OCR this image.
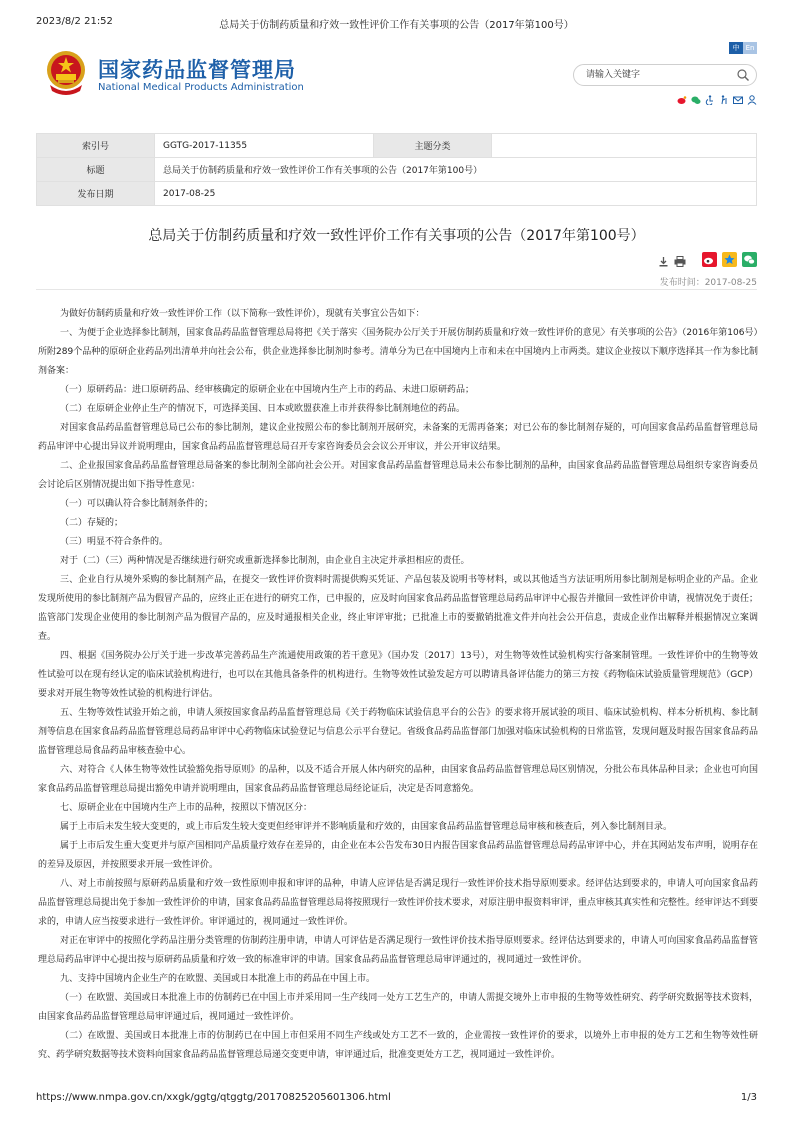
2023/8/2 21:52	总局关于仿制药质量和疗效一致性评价工作有关事项的公告（2017年第100号）
国家药品监督管理局
National Medical Products Administration
中 En
请输入关键字
索引号	GGTG-2017-11355	主题分类	
标题	总局关于仿制药质量和疗效一致性评价工作有关事项的公告（2017年第100号）		
发布日期	2017-08-25		
总局关于仿制药质量和疗效一致性评价工作有关事项的公告（2017年第100号）
发布时间：2017-08-25

为做好仿制药质量和疗效一致性评价工作（以下简称一致性评价），现就有关事宜公告如下：

一、为便于企业选择参比制剂，国家食品药品监督管理总局将把《关于落实〈国务院办公厅关于开展仿制药质量和疗效一致性评价的意见〉有关事项的公告》（2016年第106号）所附289个品种的原研企业药品列出清单并向社会公布，供企业选择参比制剂时参考。清单分为已在中国境内上市和未在中国境内上市两类。建议企业按以下顺序选择其一作为参比制剂备案：

（一）原研药品：进口原研药品、经审核确定的原研企业在中国境内生产上市的药品、未进口原研药品；

（二）在原研企业停止生产的情况下，可选择美国、日本或欧盟获准上市并获得参比制剂地位的药品。

对国家食品药品监督管理总局已公布的参比制剂，建议企业按照公布的参比制剂开展研究，未备案的无需再备案；对已公布的参比制剂存疑的，可向国家食品药品监督管理总局药品审评中心提出异议并说明理由，国家食品药品监督管理总局召开专家咨询委员会会议公开审议，并公开审议结果。

二、企业报国家食品药品监督管理总局备案的参比制剂全部向社会公开。对国家食品药品监督管理总局未公布参比制剂的品种，由国家食品药品监督管理总局组织专家咨询委员会讨论后区别情况提出如下指导性意见：

（一）可以确认符合参比制剂条件的；

（二）存疑的；

（三）明显不符合条件的。

对于（二）（三）两种情况是否继续进行研究或重新选择参比制剂，由企业自主决定并承担相应的责任。

三、企业自行从境外采购的参比制剂产品，在提交一致性评价资料时需提供购买凭证、产品包装及说明书等材料，或以其他适当方法证明所用参比制剂是标明企业的产品。企业发现所使用的参比制剂产品为假冒产品的，应终止正在进行的研究工作，已申报的，应及时向国家食品药品监督管理总局药品审评中心报告并撤回一致性评价申请，视情况免于责任；监管部门发现企业使用的参比制剂产品为假冒产品的，应及时通报相关企业，终止审评审批；已批准上市的要撤销批准文件并向社会公开信息，责成企业作出解释并根据情况立案调查。

四、根据《国务院办公厅关于进一步改革完善药品生产流通使用政策的若干意见》（国办发〔2017〕13号），对生物等效性试验机构实行备案制管理。一致性评价中的生物等效性试验可以在现有经认定的临床试验机构进行，也可以在其他具备条件的机构进行。生物等效性试验发起方可以聘请具备评估能力的第三方按《药物临床试验质量管理规范》（GCP）要求对开展生物等效性试验的机构进行评估。

五、生物等效性试验开始之前，申请人须按国家食品药品监督管理总局《关于药物临床试验信息平台的公告》的要求将开展试验的项目、临床试验机构、样本分析机构、参比制剂等信息在国家食品药品监督管理总局药品审评中心药物临床试验登记与信息公示平台登记。省级食品药品监督部门加强对临床试验机构的日常监管，发现问题及时报告国家食品药品监督管理总局食品药品审核查验中心。

六、对符合《人体生物等效性试验豁免指导原则》的品种，以及不适合开展人体内研究的品种，由国家食品药品监督管理总局区别情况，分批公布具体品种目录；企业也可向国家食品药品监督管理总局提出豁免申请并说明理由，国家食品药品监督管理总局经论证后，决定是否同意豁免。

七、原研企业在中国境内生产上市的品种，按照以下情况区分：

属于上市后未发生较大变更的，或上市后发生较大变更但经审评并不影响质量和疗效的，由国家食品药品监督管理总局审核和核查后，列入参比制剂目录。

属于上市后发生重大变更并与原产国相同产品质量疗效存在差异的，由企业在本公告发布30日内报告国家食品药品监督管理总局药品审评中心，并在其网站发布声明，说明存在的差异及原因，并按照要求开展一致性评价。

八、对上市前按照与原研药品质量和疗效一致性原则申报和审评的品种，申请人应评估是否满足现行一致性评价技术指导原则要求。经评估达到要求的，申请人可向国家食品药品监督管理总局提出免于参加一致性评价的申请，国家食品药品监督管理总局将按照现行一致性评价技术要求，对原注册申报资料审评，重点审核其真实性和完整性。经审评达不到要求的，申请人应当按要求进行一致性评价。审评通过的，视同通过一致性评价。

对正在审评中的按照化学药品注册分类管理的仿制药注册申请，申请人可评估是否满足现行一致性评价技术指导原则要求。经评估达到要求的，申请人可向国家食品药品监督管理总局药品审评中心提出按与原研药品质量和疗效一致的标准审评的申请。国家食品药品监督管理总局审评通过的，视同通过一致性评价。

九、支持中国境内企业生产的在欧盟、美国或日本批准上市的药品在中国上市。

（一）在欧盟、美国或日本批准上市的仿制药已在中国上市并采用同一生产线同一处方工艺生产的，申请人需提交境外上市申报的生物等效性研究、药学研究数据等技术资料，由国家食品药品监督管理总局审评通过后，视同通过一致性评价。

（二）在欧盟、美国或日本批准上市的仿制药已在中国上市但采用不同生产线或处方工艺不一致的，企业需按一致性评价的要求，以境外上市申报的处方工艺和生物等效性研究、药学研究数据等技术资料向国家食品药品监督管理总局递交变更申请，审评通过后，批准变更处方工艺，视同通过一致性评价。

https://www.nmpa.gov.cn/xxgk/ggtg/qtggtg/20170825205601306.html	1/3
